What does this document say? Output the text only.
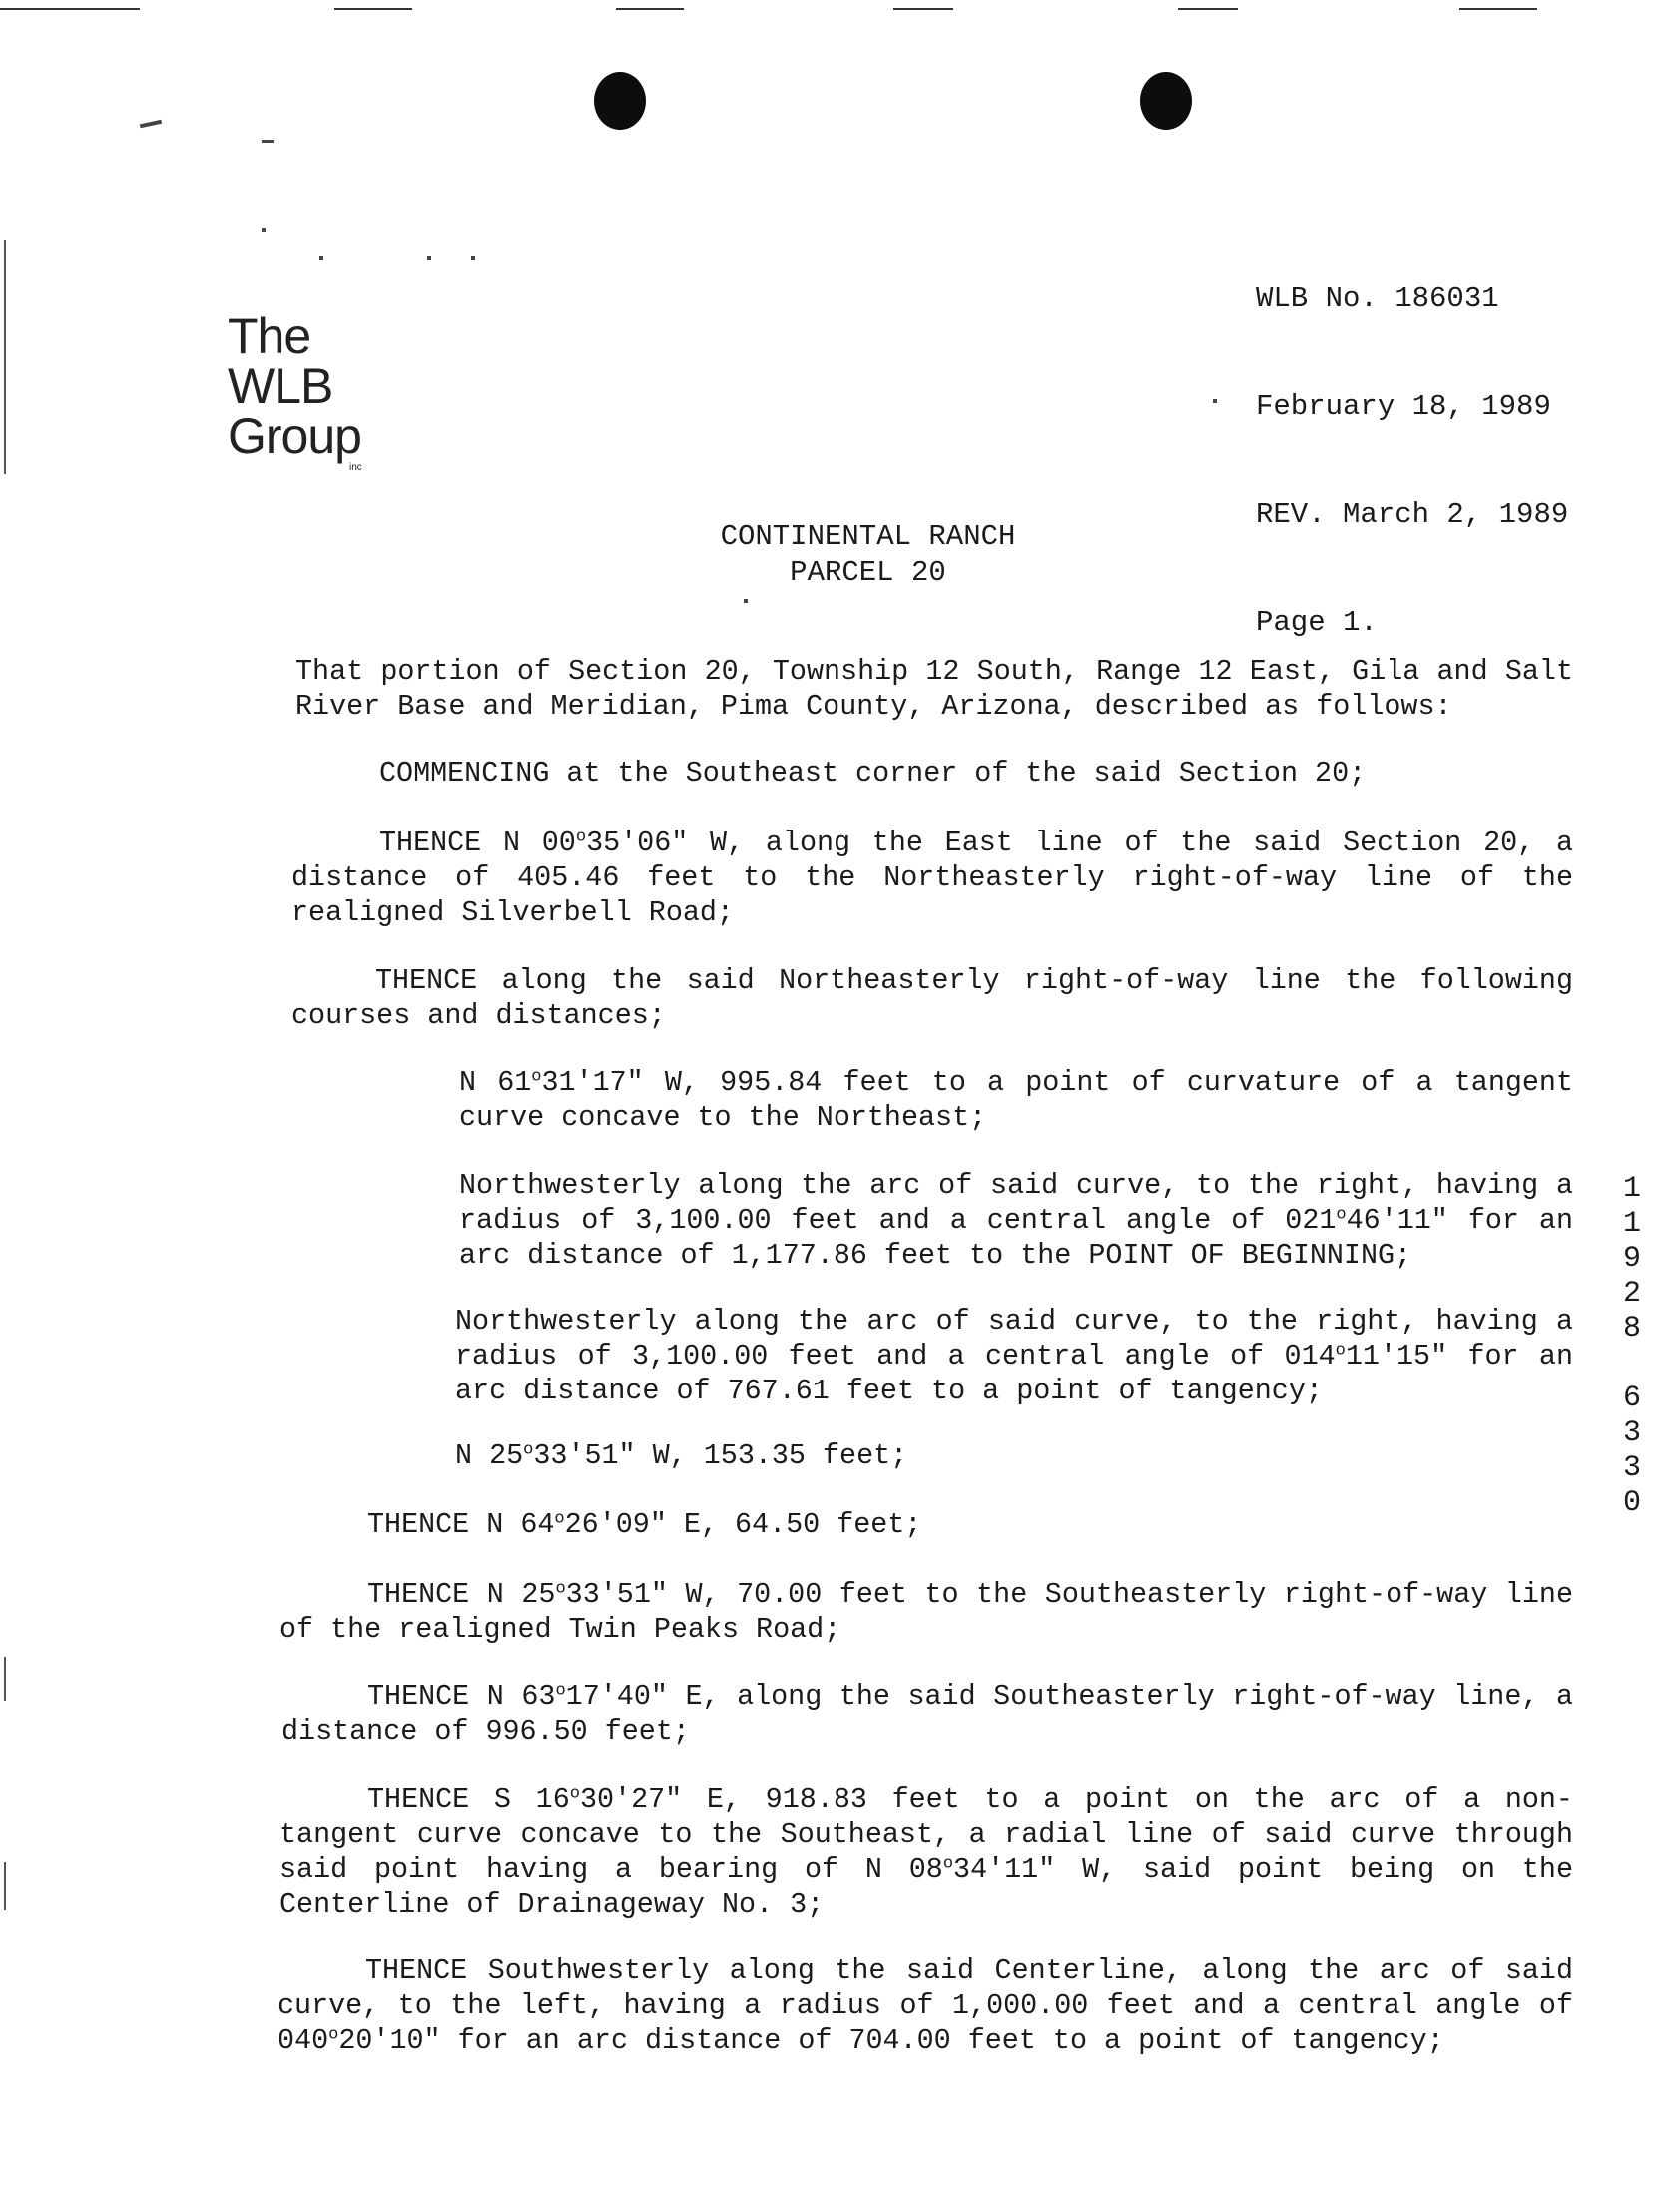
The
WLB
Group
inc

WLB No. 186031

February 18, 1989

REV. March 2, 1989

Page 1.

CONTINENTAL RANCH
PARCEL 20
That portion of Section 20, Township 12 South, Range 12 East, Gila and Salt River Base and Meridian, Pima County, Arizona, described as follows:
COMMENCING at the Southeast corner of the said Section 20;
THENCE N 00$^o$35'06" W, along the East line of the said Section 20, a distance of 405.46 feet to the Northeasterly right-of-way line of the realigned Silverbell Road;
THENCE along the said Northeasterly right-of-way line the following courses and distances;
N 61$^o$31'17" W, 995.84 feet to a point of curvature of a tangent curve concave to the Northeast;
Northwesterly along the arc of said curve, to the right, having a radius of 3,100.00 feet and a central angle of 021$^o$46'11" for an arc distance of 1,177.86 feet to the POINT OF BEGINNING;
Northwesterly along the arc of said curve, to the right, having a radius of 3,100.00 feet and a central angle of 014$^o$11'15" for an arc distance of 767.61 feet to a point of tangency;
N 25$^o$33'51" W, 153.35 feet;
THENCE N 64$^o$26'09" E, 64.50 feet;
THENCE N 25$^o$33'51" W, 70.00 feet to the Southeasterly right-of-way line of the realigned Twin Peaks Road;
THENCE N 63$^o$17'40" E, along the said Southeasterly right-of-way line, a distance of 996.50 feet;
THENCE S 16$^o$30'27" E, 918.83 feet to a point on the arc of a non-tangent curve concave to the Southeast, a radial line of said curve through said point having a bearing of N 08$^o$34'11" W, said point being on the Centerline of Drainageway No. 3;
THENCE Southwesterly along the said Centerline, along the arc of said curve, to the left, having a radius of 1,000.00 feet and a central angle of 040$^o$20'10" for an arc distance of 704.00 feet to a point of tangency;
1
1
9
2
8
6
3
3
0
